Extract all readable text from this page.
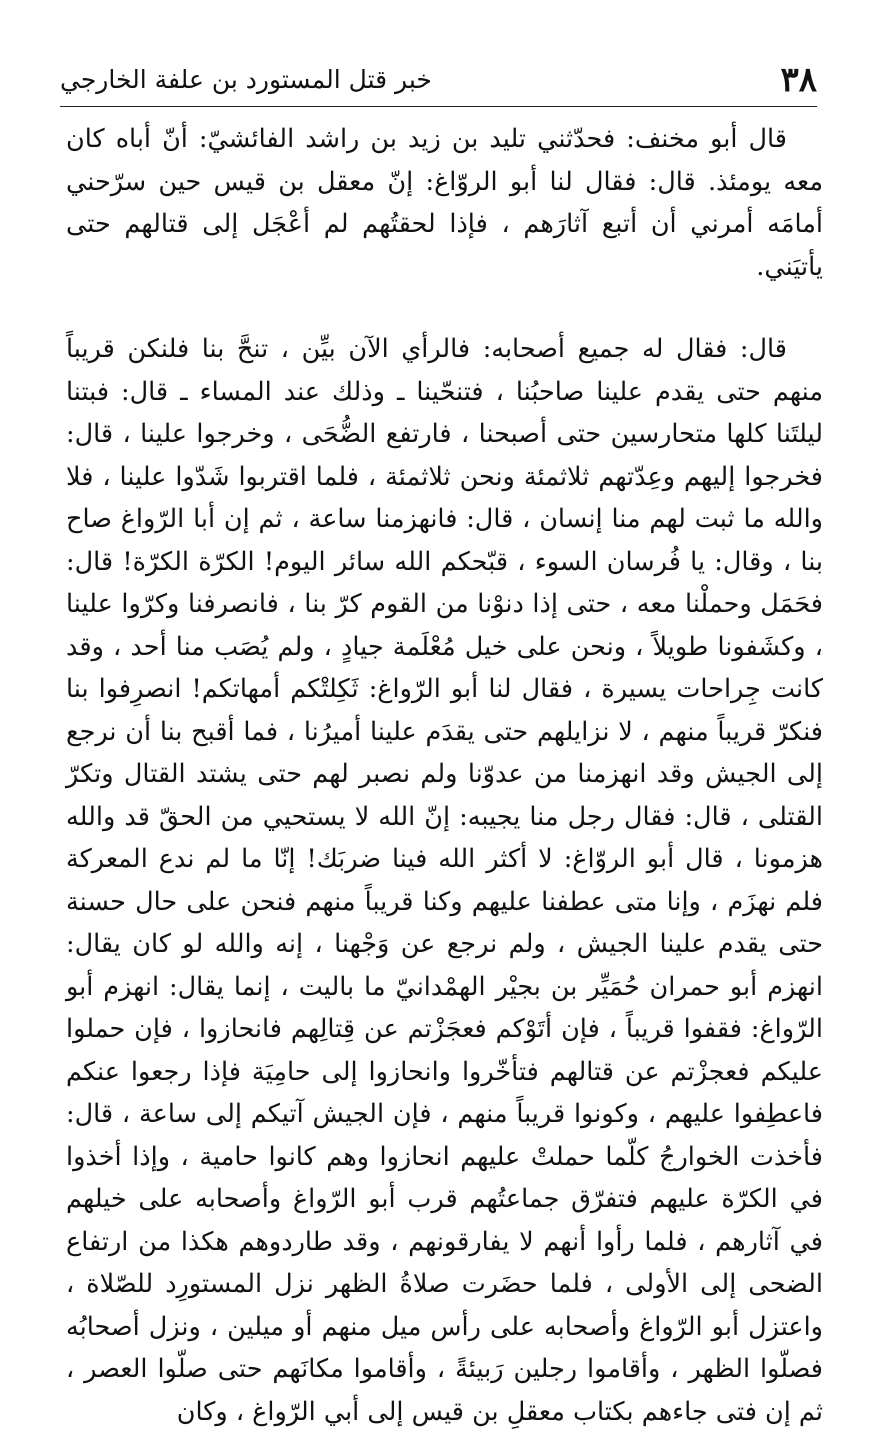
٣٨
خبر قتل المستورد بن علفة الخارجي

قال أبو مخنف: فحدّثني تليد بن زيد بن راشد الفائشيّ: أنّ أباه كان معه يومئذ. قال: فقال لنا أبو الروّاغ: إنّ معقل بن قيس حين سرّحني أمامَه أمرني أن أتبع آثارَهم ، فإذا لحقتُهم لم أعْجَل إلى قتالهم حتى يأتيَني.

قال: فقال له جميع أصحابه: فالرأي الآن بيِّن ، تنحَّ بنا فلنكن قريباً منهم حتى يقدم علينا صاحبُنا ، فتنحّينا ـ وذلك عند المساء ـ قال: فبتنا ليلتَنا كلها متحارسين حتى أصبحنا ، فارتفع الضُّحَى ، وخرجوا علينا ، قال: فخرجوا إليهم وعِدّتهم ثلاثمئة ونحن ثلاثمئة ، فلما اقتربوا شَدّوا علينا ، فلا والله ما ثبت لهم منا إنسان ، قال: فانهزمنا ساعة ، ثم إن أبا الرّواغ صاح بنا ، وقال: يا فُرسان السوء ، قبّحكم الله سائر اليوم! الكرّة الكرّة! قال: فحَمَل وحملْنا معه ، حتى إذا دنوْنا من القوم كرّ بنا ، فانصرفنا وكرّوا علينا ، وكشَفونا طويلاً ، ونحن على خيل مُعْلَمة جيادٍ ، ولم يُصَب منا أحد ، وقد كانت جِراحات يسيرة ، فقال لنا أبو الرّواغ: ثَكِلتْكم أمهاتكم! انصرِفوا بنا فنكرّ قريباً منهم ، لا نزايلهم حتى يقدَم علينا أميرُنا ، فما أقبح بنا أن نرجع إلى الجيش وقد انهزمنا من عدوّنا ولم نصبر لهم حتى يشتد القتال وتكرّ القتلى ، قال: فقال رجل منا يجيبه: إنّ الله لا يستحيي من الحقّ قد والله هزمونا ، قال أبو الروّاغ: لا أكثر الله فينا ضربَك! إنّا ما لم ندع المعركة فلم نهزَم ، وإنا متى عطفنا عليهم وكنا قريباً منهم فنحن على حال حسنة حتى يقدم علينا الجيش ، ولم نرجع عن وَجْهنا ، إنه والله لو كان يقال: انهزم أبو حمران حُمَيِّر بن بجيْر الهمْدانيّ ما باليت ، إنما يقال: انهزم أبو الرّواغ: فقفوا قريباً ، فإن أتَوْكم فعجَزْتم عن قِتالِهم فانحازوا ، فإن حملوا عليكم فعجزْتم عن قتالهم فتأخّروا وانحازوا إلى حامِيَة فإذا رجعوا عنكم فاعطِفوا عليهم ، وكونوا قريباً منهم ، فإن الجيش آتيكم إلى ساعة ، قال: فأخذت الخوارجُ كلّما حملتْ عليهم انحازوا وهم كانوا حامية ، وإذا أخذوا في الكرّة عليهم فتفرّق جماعتُهم قرب أبو الرّواغ وأصحابه على خيلهم في آثارهم ، فلما رأوا أنهم لا يفارقونهم ، وقد طاردوهم هكذا من ارتفاع الضحى إلى الأولى ، فلما حضَرت صلاةُ الظهر نزل المستورِد للصّلاة ، واعتزل أبو الرّواغ وأصحابه على رأس ميل منهم أو ميلين ، ونزل أصحابُه فصلّوا الظهر ، وأقاموا رجلين رَبيئةً ، وأقاموا مكانَهم حتى صلّوا العصر ، ثم إن فتى جاءهم بكتاب معقلِ بن قيس إلى أبي الرّواغ ، وكان
